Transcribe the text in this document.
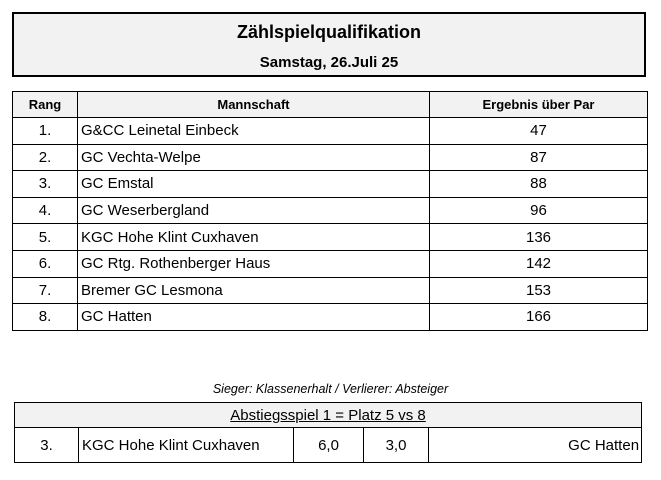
Zählspielqualifikation
Samstag, 26.Juli 25
Rang	Mannschaft	Ergebnis über Par
1.	G&CC Leinetal Einbeck	47
2.	GC Vechta-Welpe	87
3.	GC Emstal	88
4.	GC Weserbergland	96
5.	KGC Hohe Klint Cuxhaven	136
6.	GC Rtg. Rothenberger Haus	142
7.	Bremer GC Lesmona	153
8.	GC Hatten	166
Sieger: Klassenerhalt / Verlierer: Absteiger
Abstiegsspiel 1 = Platz 5 vs 8
3.	KGC Hohe Klint Cuxhaven	6,0	3,0	GC Hatten
